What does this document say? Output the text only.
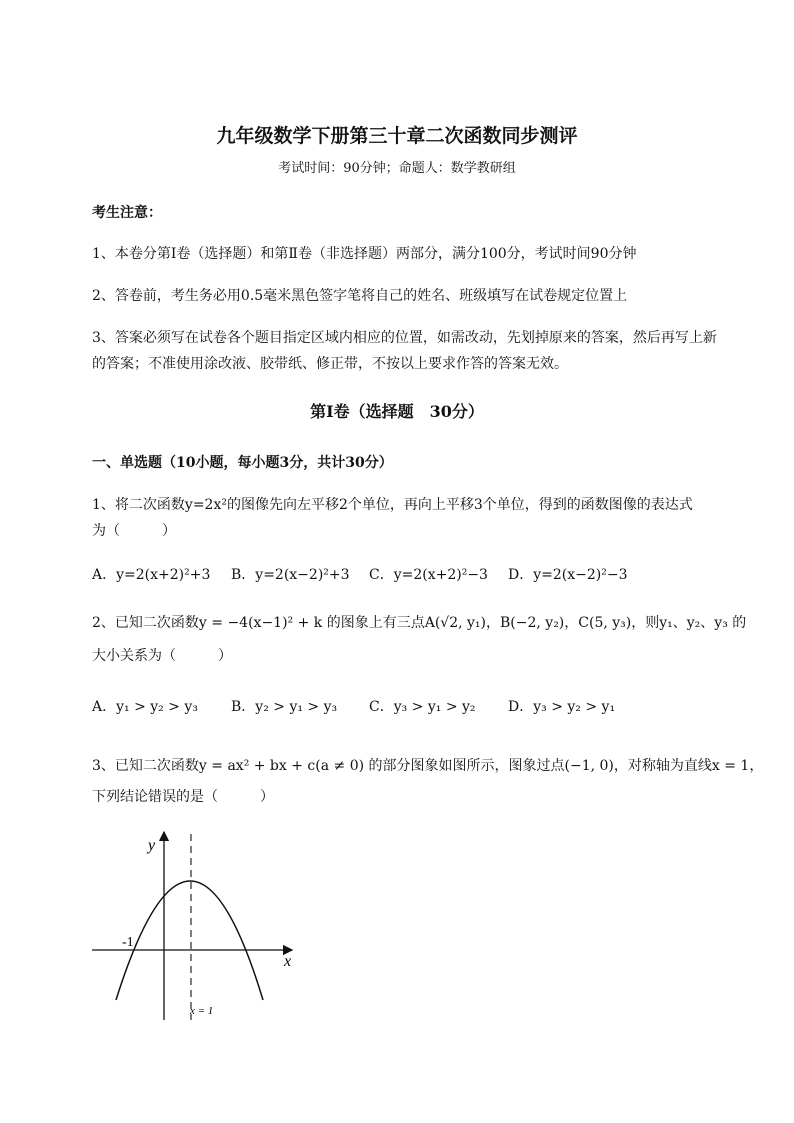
九年级数学下册第三十章二次函数同步测评
考试时间：90分钟；命题人：数学教研组
考生注意：
1、本卷分第I卷（选择题）和第Ⅱ卷（非选择题）两部分，满分100分，考试时间90分钟
2、答卷前，考生务必用0.5毫米黑色签字笔将自己的姓名、班级填写在试卷规定位置上
3、答案必须写在试卷各个题目指定区域内相应的位置，如需改动，先划掉原来的答案，然后再写上新
的答案；不准使用涂改液、胶带纸、修正带，不按以上要求作答的答案无效。
第I卷（选择题　30分）
一、单选题（10小题，每小题3分，共计30分）
1、将二次函数y=2x²的图像先向左平移2个单位，再向上平移3个单位，得到的函数图像的表达式
为（　　　）
A．y=2(x+2)²+3 B．y=2(x−2)²+3 C．y=2(x+2)²−3 D．y=2(x−2)²−3
2、已知二次函数y = −4(x−1)² + k 的图象上有三点A(√2, y₁)，B(−2, y₂)，C(5, y₃)，则y₁、y₂、y₃ 的
大小关系为（　　　）
A．y₁ > y₂ > y₃ B．y₂ > y₁ > y₃ C．y₃ > y₁ > y₂ D．y₃ > y₂ > y₁
3、已知二次函数y = ax² + bx + c(a ≠ 0) 的部分图象如图所示，图象过点(−1, 0)，对称轴为直线x = 1，
下列结论错误的是（　　　）
y
x
-1
x = 1
